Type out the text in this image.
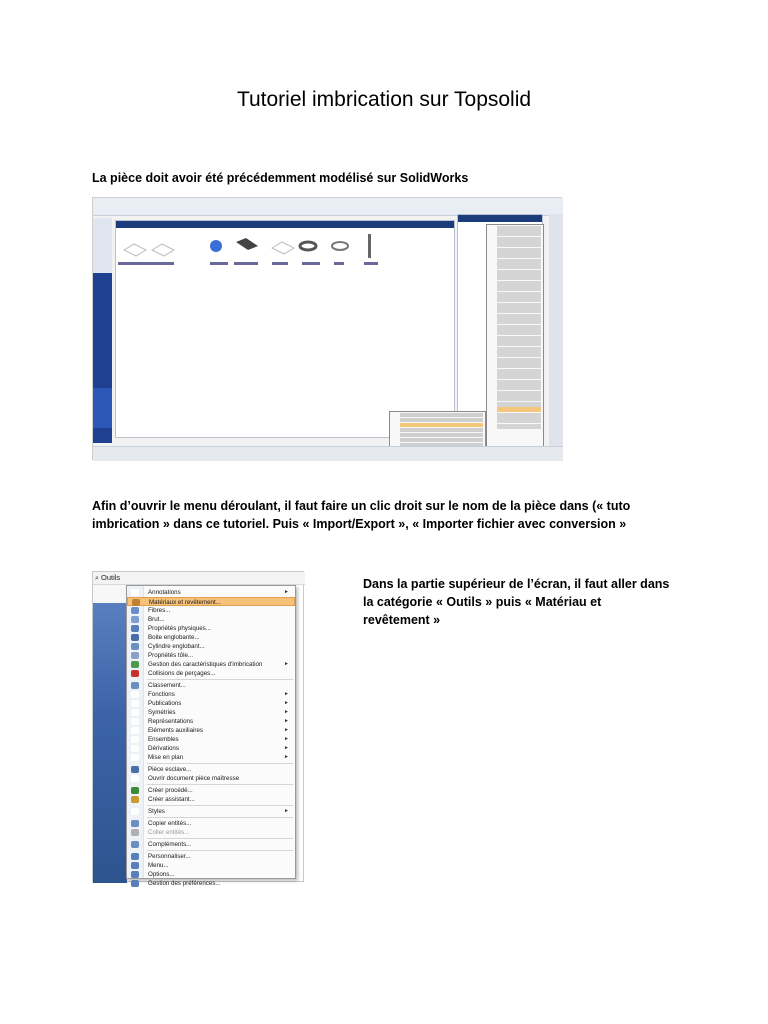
Tutoriel imbrication sur Topsolid
La pièce doit avoir été précédemment modélisé sur SolidWorks
Afin d’ouvrir le menu déroulant, il faut faire un clic droit sur le nom de la pièce dans (« tuto
imbrication » dans ce tutoriel. Puis « Import/Export », « Importer fichier avec conversion »
⌕ Outils
Annotations	►
Matériaux et revêtement...
Fibres...
Brut...
Propriétés physiques...
Boite englobante...
Cylindre englobant...
Propriétés tôle...
Gestion des caractéristiques d'imbrication	►
Collisions de perçages...
Classement...
Fonctions	►
Publications	►
Symétries	►
Représentations	►
Eléments auxiliaires	►
Ensembles	►
Dérivations	►
Mise en plan	►
Pièce esclave...
Ouvrir document pièce maîtresse
Créer procédé...
Créer assistant...
Styles	►
Copier entités...
Coller entités...
Compléments...
Personnaliser...
Menu...
Options...
Gestion des préférences...
Dans la partie supérieur de l’écran, il faut aller dans
la catégorie « Outils » puis « Matériau et
revêtement »
